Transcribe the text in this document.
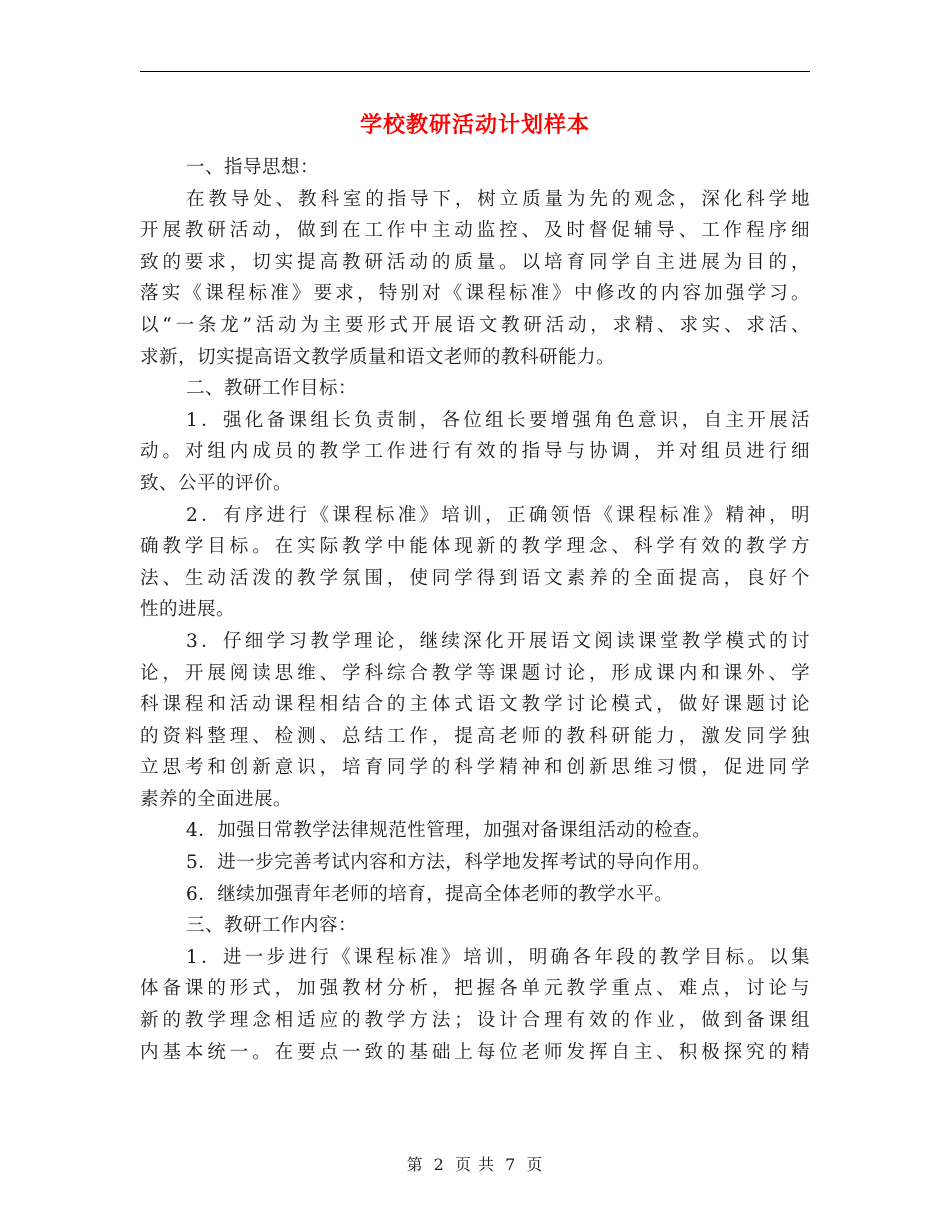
学校教研活动计划样本
一、指导思想：
在教导处、教科室的指导下，树立质量为先的观念，深化科学地
开展教研活动，做到在工作中主动监控、及时督促辅导、工作程序细
致的要求，切实提高教研活动的质量。以培育同学自主进展为目的，
落实《课程标准》要求，特别对《课程标准》中修改的内容加强学习。
以“一条龙”活动为主要形式开展语文教研活动，求精、求实、求活、
求新，切实提高语文教学质量和语文老师的教科研能力。
二、教研工作目标：
1．强化备课组长负责制，各位组长要增强角色意识，自主开展活
动。对组内成员的教学工作进行有效的指导与协调，并对组员进行细
致、公平的评价。
2．有序进行《课程标准》培训，正确领悟《课程标准》精神，明
确教学目标。在实际教学中能体现新的教学理念、科学有效的教学方
法、生动活泼的教学氛围，使同学得到语文素养的全面提高，良好个
性的进展。
3．仔细学习教学理论，继续深化开展语文阅读课堂教学模式的讨
论，开展阅读思维、学科综合教学等课题讨论，形成课内和课外、学
科课程和活动课程相结合的主体式语文教学讨论模式，做好课题讨论
的资料整理、检测、总结工作，提高老师的教科研能力，激发同学独
立思考和创新意识，培育同学的科学精神和创新思维习惯，促进同学
素养的全面进展。
4．加强日常教学法律规范性管理，加强对备课组活动的检查。
5．进一步完善考试内容和方法，科学地发挥考试的导向作用。
6．继续加强青年老师的培育，提高全体老师的教学水平。
三、教研工作内容：
1．进一步进行《课程标准》培训，明确各年段的教学目标。以集
体备课的形式，加强教材分析，把握各单元教学重点、难点，讨论与
新的教学理念相适应的教学方法；设计合理有效的作业，做到备课组
内基本统一。在要点一致的基础上每位老师发挥自主、积极探究的精
第 2 页 共 7 页
